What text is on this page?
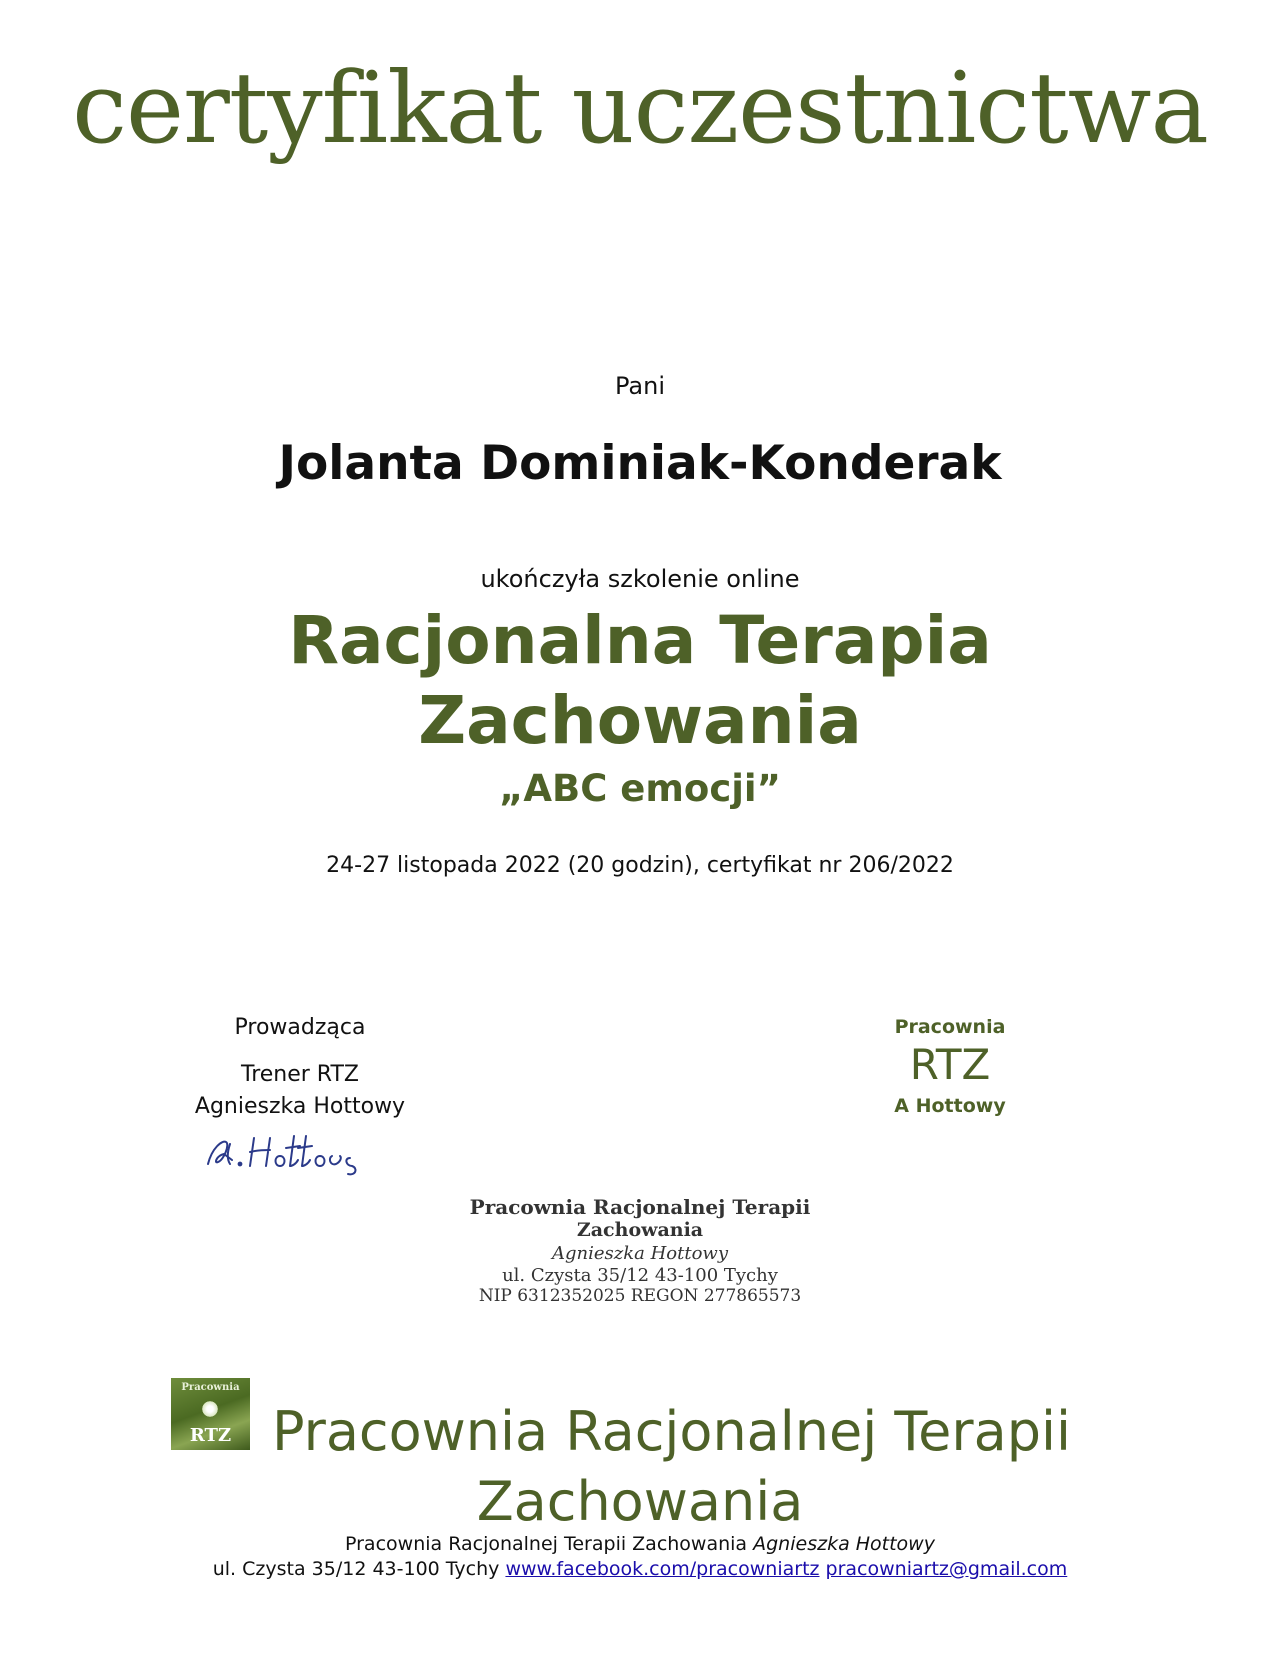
certyfikat uczestnictwa
Pani
Jolanta Dominiak-Konderak
ukończyła szkolenie online
Racjonalna Terapia
Zachowania
„ABC emocji”
24-27 listopada 2022 (20 godzin), certyfikat nr 206/2022
Prowadząca
Trener RTZ
Agnieszka Hottowy
Pracownia
RTZ
A Hottowy
Pracownia Racjonalnej Terapii
Zachowania
Agnieszka Hottowy
ul. Czysta 35/12 43-100 Tychy
NIP 6312352025 REGON 277865573
Pracownia
RTZ Pracownia Racjonalnej Terapii
Zachowania
Pracownia Racjonalnej Terapii Zachowania Agnieszka Hottowy
ul. Czysta 35/12 43-100 Tychy www.facebook.com/pracowniartz pracowniartz@gmail.com
